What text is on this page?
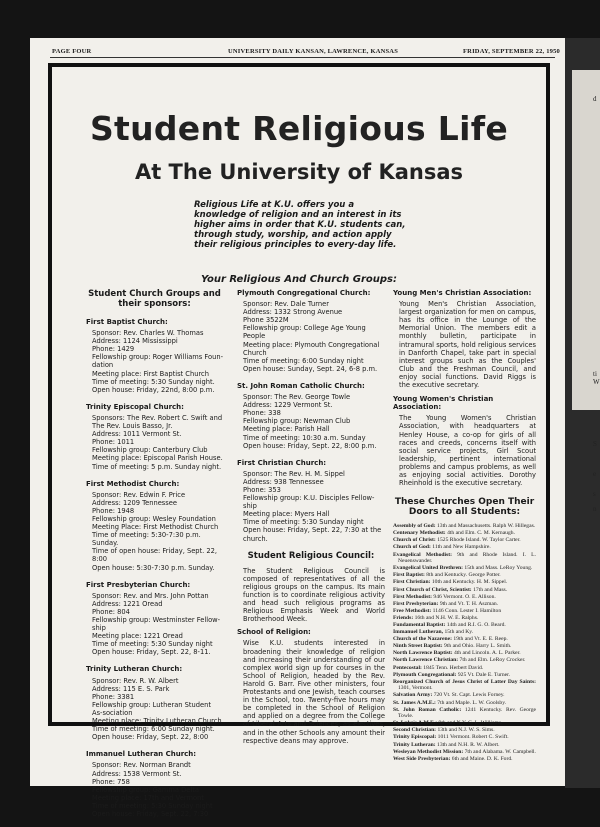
d
ti
W
S
e
s
n
PAGE FOUR	UNIVERSITY DAILY KANSAN, LAWRENCE, KANSAS	FRIDAY, SEPTEMBER 22, 1950
Student Religious Life
At The University of Kansas
Religious Life at K.U. offers you a knowledge of religion and an interest in its higher aims in order that K.U. students can, through study, worship, and action apply their religious principles to every-day life.
Your Religious And Church Groups:
Student Church Groups and their sponsors:
First Baptist Church:

Sponsor: Rev. Charles W. Thomas

Address: 1124 Mississippi

Phone: 1429

Fellowship group: Roger Williams Foun-dation

Meeting place: First Baptist Church

Time of meeting: 5:30 Sunday night.

Open house: Friday, 22nd, 8:00 p.m.

Trinity Episcopal Church:

Sponsors: The Rev. Robert C. Swift and The Rev. Louis Basso, Jr.

Address: 1011 Vermont St.

Phone: 1011

Fellowship group: Canterbury Club

Meeting place: Episcopal Parish House.

Time of meeting: 5 p.m. Sunday night.

First Methodist Church:

Sponsor: Rev. Edwin F. Price

Address: 1209 Tennessee

Phone: 1948

Fellowship group: Wesley Foundation

Meeting Place: First Methodist Church

Time of meeting: 5:30-7:30 p.m. Sunday.

Time of open house: Friday, Sept. 22, 8:00

Open house: 5:30-7:30 p.m. Sunday.

First Presbyterian Church:

Sponsor: Rev. and Mrs. John Pottan

Address: 1221 Oread

Phone: 804

Fellowship group: Westminster Fellow-ship

Meeting place: 1221 Oread

Time of meeting: 5:30 Sunday night

Open house: Friday, Sept. 22, 8-11.

Trinity Lutheran Church:

Sponsor: Rev. R. W. Albert

Address: 115 E. S. Park

Phone: 3381

Fellowship group: Lutheran Student As-sociation

Meeting place: Trinity Lutheran Church

Time of meeting: 6:00 Sunday night.

Open house: Friday, Sept. 22, 8:00

Immanuel Lutheran Church:

Sponsor: Rev. Norman Brandt

Address: 1538 Vermont St.

Phone: 758

Fellowship group: Gamma Delta

Meeting place: 17th and Vermont

Time of meeting: 5:30 Sunday night

Open house: Friday, Sept. 22, 7:30

Plymouth Congregational Church:

Sponsor: Rev. Dale Turner

Address: 1332 Strong Avenue

Phone 3522M

Fellowship group: College Age Young People

Meeting place: Plymouth Congregational Church

Time of meeting: 6:00 Sunday night

Open house: Sunday, Sept. 24, 6-8 p.m.

St. John Roman Catholic Church:

Sponsor: The Rev. George Towle

Address: 1229 Vermont St.

Phone: 338

Fellowship group: Newman Club

Meeting place: Parish Hall

Time of meeting: 10:30 a.m. Sunday

Open house: Friday, Sept. 22, 8:00 p.m.

First Christian Church:

Sponsor: The Rev. H. M. Sippel

Address: 938 Tennessee

Phone: 353

Fellowship group: K.U. Disciples Fellow-ship

Meeting place: Myers Hall

Time of meeting: 5:30 Sunday night

Open house: Friday, Sept. 22, 7:30 at the church.

Student Religious Council:

The Student Religious Council is composed of representatives of all the religious groups on the campus. Its main function is to coordinate religious activity and head such religious programs as Religious Emphasis Week and World Brotherhood Week.

School of Religion:

Wise K.U. students interested in broadening their knowledge of religion and increasing their understanding of our complex world sign up for courses in the School of Religion, headed by the Rev. Harold G. Barr. Five other ministers, four Protestants and one Jewish, teach courses in the School, too. Twenty-five hours may be completed in the School of Religion and applied on a degree from the College of Liberal Arts and Sciences, as electives, and in the other Schools any amount their respective deans may approve.

Young Men's Christian Association:

Young Men's Christian Association, largest organization for men on campus, has its office in the Lounge of the Memorial Union. The members edit a monthly bulletin, participate in intramural sports, hold religious services in Danforth Chapel, take part in special interest groups such as the Couples' Club and the Freshman Council, and enjoy social functions. David Riggs is the executive secretary.

Young Women's Christian Association:

The Young Women's Christian Association, with headquarters at Henley House, a co-op for girls of all races and creeds, concerns itself with social service projects, Girl Scout leadership, pertinent international problems and campus problems, as well as enjoying social activities. Dorothy Rheinhold is the executive secretary.

These Churches Open Their Doors to all Students:

Assembly of God: 13th and Massachusetts. Ralph W. Hillegas.

Centenary Methodist: 4th and Elm. C. M. Kernaugh.

Church of Christ: 1525 Rhode Island. W. Taylor Carter.

Church of God: 11th and New Hampshire.

Evangelical Methodist: 9th and Rhode Island. I. L. Neuenswander.

Evangelical United Brethren: 15th and Mass. LeRoy Young.

First Baptist: 8th and Kentucky. George Potter.

First Christian: 10th and Kentucky. H. M. Sippel.

First Church of Christ, Scientist: 17th and Mass.

First Methodist: 946 Vermont. O. E. Allison.

First Presbyterian: 9th and Vt. T. H. Aszman.

Free Methodist: 1146 Conn. Lester I. Hamilton

Friends: 16th and N.H. W. E. Ralphs.

Fundamental Baptist: 14th and R.I. G. O. Beard.

Immanuel Lutheran, 15th and Ky.

Church of the Nazarene: 19th and Vt. E. E. Reep.

Ninth Street Baptist: 9th and Ohio. Harry L. Smith.

North Lawrence Baptist: 4th and Lincoln. A. L. Parker.

North Lawrence Christian: 7th and Elm. LeRoy Crocker.

Pentecostal: 1845 Tenn. Herbert David.

Plymouth Congregational: 925 Vt. Dale E. Turner.

Reorganized Church of Jesus Christ of Latter Day Saints: 1301, Vermont.

Salvation Army: 720 Vt. St. Capt. Lewis Forney.

St. James A.M.E.: 7th and Maple. L. W. Goolsby.

St. John Roman Catholic: 1241 Kentucky. Rev. George Towle.

St. Luke's A.M.E.: 9th and N.Y. C. L. Williams.

Second Christian: 13th and N.J. W. S. Sims.

Trinity Episcopal: 1011 Vermont. Robert C. Swift.

Trinity Lutheran: 13th and N.H. R. W. Albert.

Wesleyan Methodist Mission: 7th and Alabama. W. Campbell.

West Side Presbyterian: 6th and Maine. D. K. Ford.
